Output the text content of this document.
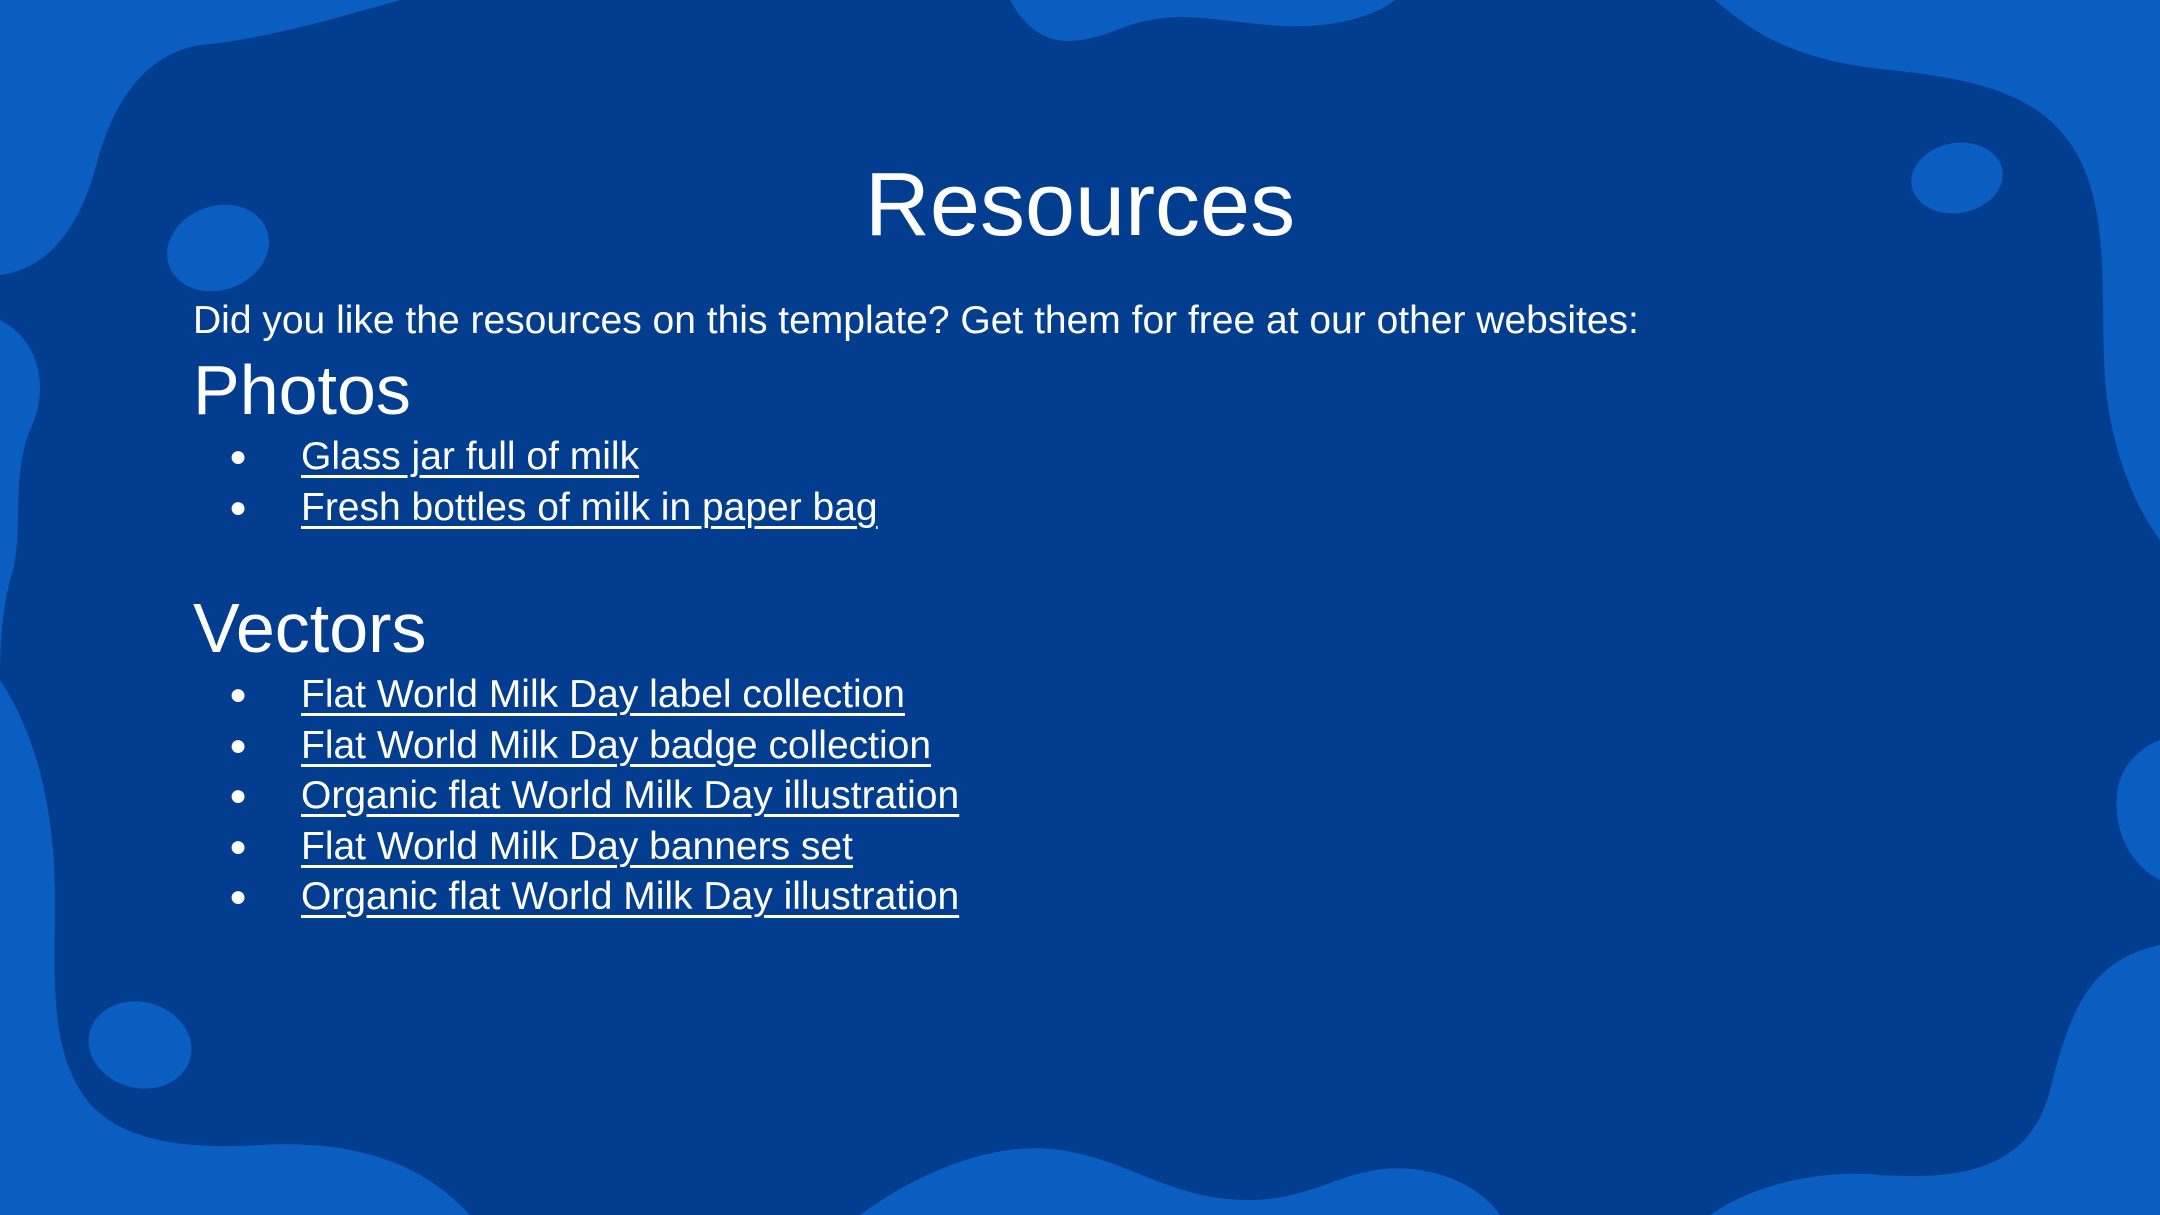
Resources

Did you like the resources on this template? Get them for free at our other websites:

Photos
● Glass jar full of milk
● Fresh bottles of milk in paper bag
Vectors
● Flat World Milk Day label collection
● Flat World Milk Day badge collection
● Organic flat World Milk Day illustration
● Flat World Milk Day banners set
● Organic flat World Milk Day illustration
